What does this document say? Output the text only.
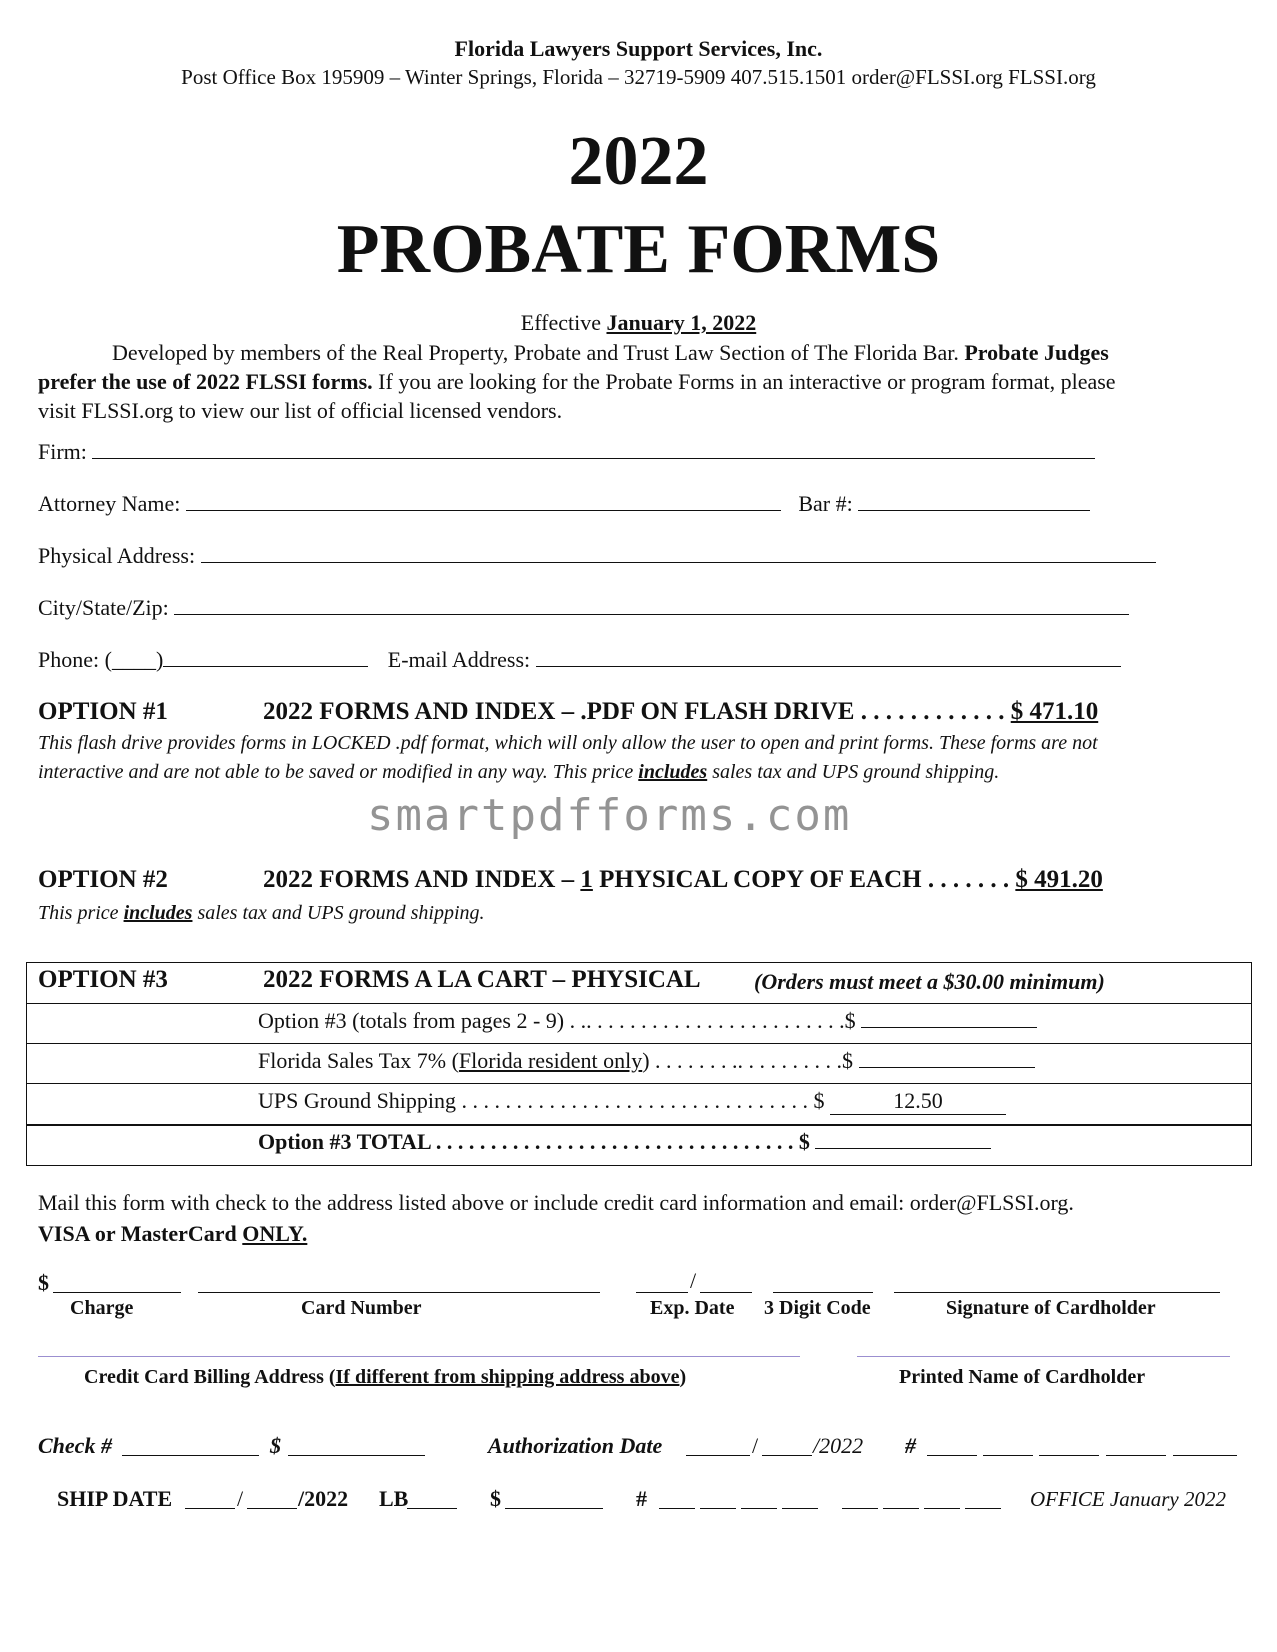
Florida Lawyers Support Services, Inc.
Post Office Box 195909 – Winter Springs, Florida – 32719-5909 407.515.1501 order@FLSSI.org FLSSI.org
2022
PROBATE FORMS
Effective January 1, 2022
Developed by members of the Real Property, Probate and Trust Law Section of The Florida Bar. Probate Judges
prefer the use of 2022 FLSSI forms. If you are looking for the Probate Forms in an interactive or program format, please
visit FLSSI.org to view our list of official licensed vendors.
Firm:
Attorney Name:	Bar #:
Physical Address:
City/State/Zip:
Phone: (____)	E-mail Address:
OPTION #1	2022 FORMS AND INDEX – .PDF ON FLASH DRIVE . . . . . . . . . . . . $ 471.10
This flash drive provides forms in LOCKED .pdf format, which will only allow the user to open and print forms. These forms are not
interactive and are not able to be saved or modified in any way. This price includes sales tax and UPS ground shipping.
smartpdfforms.com
OPTION #2	2022 FORMS AND INDEX – 1 PHYSICAL COPY OF EACH . . . . . . . $ 491.20
This price includes sales tax and UPS ground shipping.
OPTION #3	2022 FORMS A LA CART – PHYSICAL (Orders must meet a $30.00 minimum)
Option #3 (totals from pages 2 - 9) . .. . . . . . . . . . . . . . . . . . . . . . . .$
Florida Sales Tax 7% (Florida resident only) . . . . . . . .. . . . . . . . . .$
UPS Ground Shipping . . . . . . . . . . . . . . . . . . . . . . . . . . . . . . . . $	12.50
Option #3 TOTAL . . . . . . . . . . . . . . . . . . . . . . . . . . . . . . . . . $
Mail this form with check to the address listed above or include credit card information and email: order@FLSSI.org.
VISA or MasterCard ONLY.
$	/
Charge	Card Number	Exp. Date 3 Digit Code	Signature of Cardholder
Credit Card Billing Address (If different from shipping address above)	Printed Name of Cardholder
Check #	$	Authorization Date	/ /2022 #
SHIP DATE	/ /2022 LB	$	#	OFFICE January 2022
